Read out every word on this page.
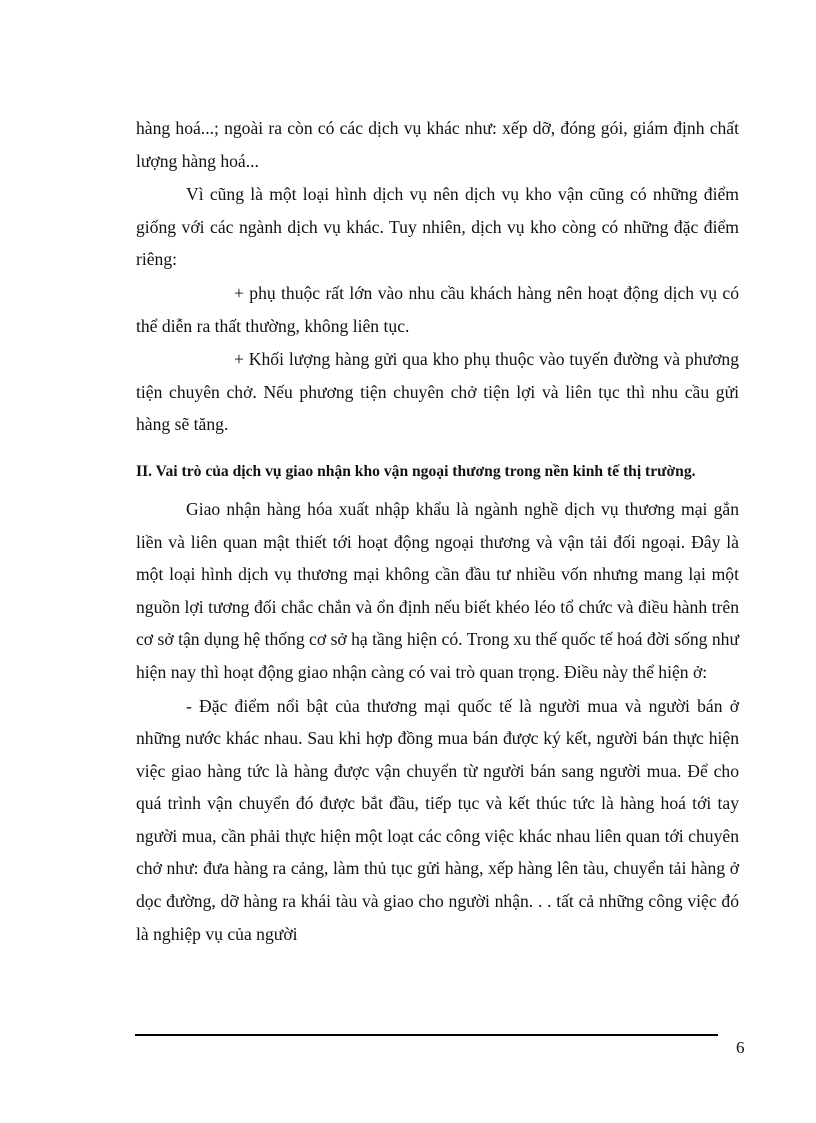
hàng hoá...; ngoài ra còn có các dịch vụ khác như: xếp dỡ, đóng gói, giám định chất lượng hàng hoá...

Vì cũng là một loại hình dịch vụ nên dịch vụ kho vận cũng có những điểm giống với các ngành dịch vụ khác. Tuy nhiên, dịch vụ kho còng có những đặc điểm riêng:

+ phụ thuộc rất lớn vào nhu cầu khách hàng nên hoạt động dịch vụ có thể diễn ra thất thường, không liên tục.

+ Khối lượng hàng gửi qua kho phụ thuộc vào tuyến đường và phương tiện chuyên chở. Nếu phương tiện chuyên chở tiện lợi và liên tục thì nhu cầu gửi hàng sẽ tăng.

II. Vai trò của dịch vụ giao nhận kho vận ngoại thương trong nền kinh tế thị trường.

Giao nhận hàng hóa xuất nhập khẩu là ngành nghề dịch vụ thương mại gắn liền và liên quan mật thiết tới hoạt động ngoại thương và vận tải đối ngoại. Đây là một loại hình dịch vụ thương mại không cần đầu tư nhiều vốn nhưng mang lại một nguồn lợi tương đối chắc chắn và ổn định nếu biết khéo léo tổ chức và điều hành trên cơ sở tận dụng hệ thống cơ sở hạ tầng hiện có. Trong xu thế quốc tế hoá đời sống như hiện nay thì hoạt động giao nhận càng có vai trò quan trọng. Điều này thể hiện ở:

- Đặc điểm nổi bật của thương mại quốc tế là người mua và người bán ở những nước khác nhau. Sau khi hợp đồng mua bán được ký kết, người bán thực hiện việc giao hàng tức là hàng được vận chuyển từ người bán sang người mua. Để cho quá trình vận chuyển đó được bắt đầu, tiếp tục và kết thúc tức là hàng hoá tới tay người mua, cần phải thực hiện một loạt các công việc khác nhau liên quan tới chuyên chở như: đưa hàng ra cảng, làm thủ tục gửi hàng, xếp hàng lên tàu, chuyển tải hàng ở dọc đường, dỡ hàng ra khái tàu và giao cho người nhận. . . tất cả những công việc đó là nghiệp vụ của người

6
